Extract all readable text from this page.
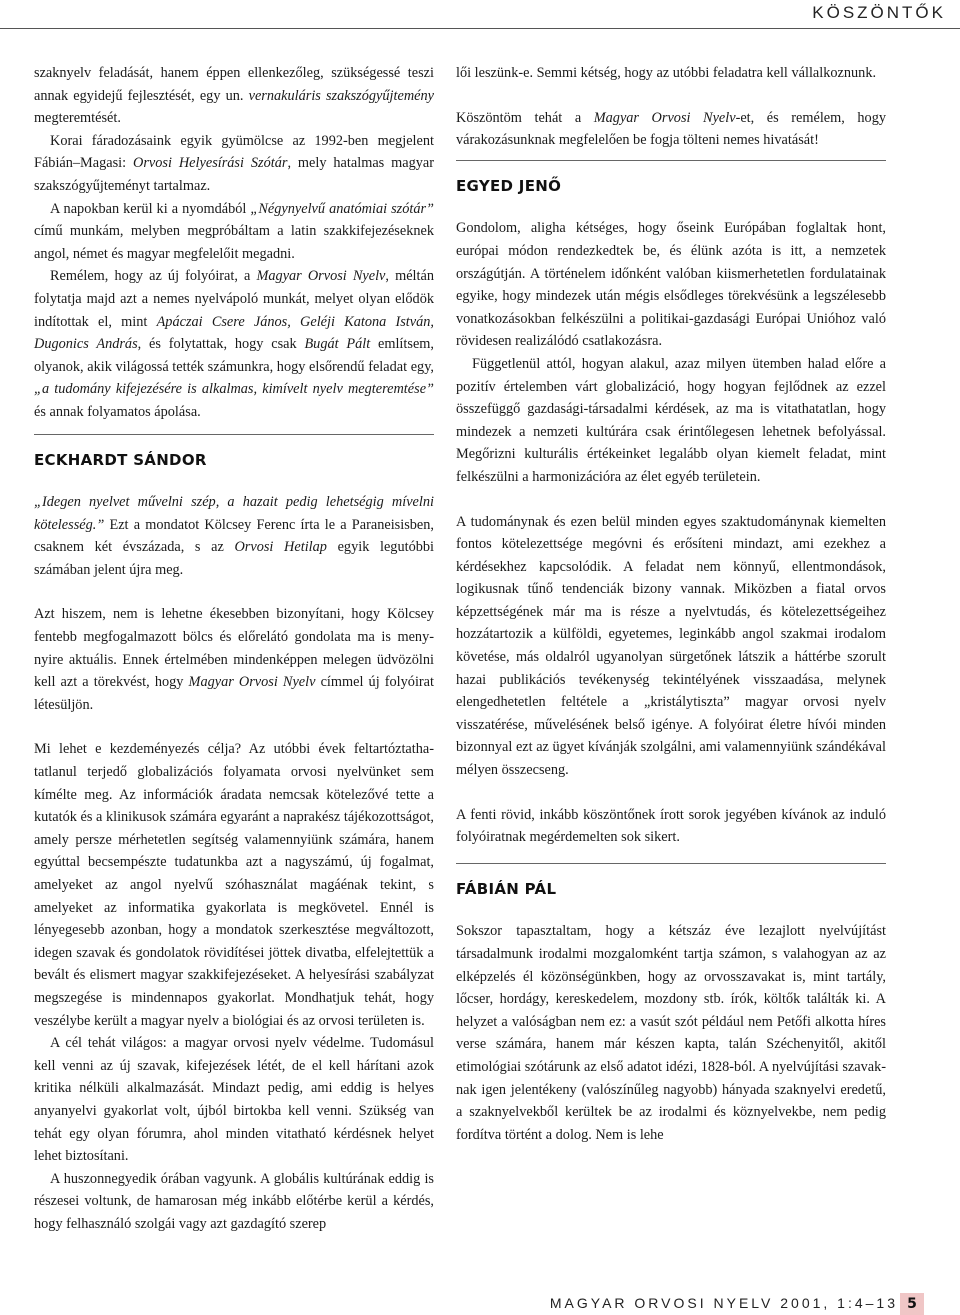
KÖSZÖNTŐK

szaknyelv feladását, hanem éppen ellenkezőleg, szükségessé teszi annak egyidejű fejlesztését, egy un. vernakuláris szakszógyűjtemény megteremtését.

Korai fáradozásaink egyik gyümölcse az 1992-ben megjelent Fábián–Magasi: Orvosi Helyesírási Szótár, mely hatalmas magyar szakszógyűjteményt tartalmaz.

A napokban kerül ki a nyomdából „Négynyelvű anatómiai szótár” című munkám, melyben megpróbáltam a latin szakkifejezéseknek angol, német és magyar megfelelőit megadni.

Remélem, hogy az új folyóirat, a Magyar Orvosi Nyelv, méltán folytatja majd azt a nemes nyelvápoló munkát, melyet olyan elődök indítottak el, mint Apáczai Csere János, Geléji Katona István, Dugonics András, és folytattak, hogy csak Bugát Pált említsem, olyanok, akik világossá tették számunkra, hogy elsőrendű feladat egy, „a tudomány kifejezésére is alkalmas, kimívelt nyelv megteremtése” és annak folyamatos ápolása.

ECKHARDT SÁNDOR

„Idegen nyelvet művelni szép, a hazait pedig lehetségig mívelni kötelesség.” Ezt a mondatot Kölcsey Ferenc írta le a Paraneisisben, csaknem két évszázada, s az Orvosi Hetilap egyik legutóbbi számában jelent újra meg.

Azt hiszem, nem is lehetne ékesebben bizonyítani, hogy Kölcsey fentebb megfogalmazott bölcs és előrelátó gondolata ma is menynyire aktuális. Ennek értelmében mindenképpen melegen üdvözölni kell azt a törekvést, hogy Magyar Orvosi Nyelv címmel új folyóirat létesüljön.

Mi lehet e kezdeményezés célja? Az utóbbi évek feltartóztathatatlanul terjedő globalizációs folyamata orvosi nyelvünket sem kímélte meg. Az információk áradata nemcsak kötelezővé tette a kutatók és a klinikusok számára egyaránt a naprakész tájékozottságot, amely persze mérhetetlen segítség valamennyiünk számára, hanem egyúttal becsempészte tudatunkba azt a nagyszámú, új fogalmat, amelyeket az angol nyelvű szóhasználat magáénak tekint, s amelyeket az informatika gyakorlata is megkövetel. Ennél is lényegesebb azonban, hogy a mondatok szerkesztése megváltozott, idegen szavak és gondolatok rövidítései jöttek divatba, elfelejtettük a bevált és elismert magyar szakkifejezéseket. A helyesírási szabályzat megszegése is mindennapos gyakorlat. Mondhatjuk tehát, hogy veszélybe került a magyar nyelv a biológiai és az orvosi területen is.

A cél tehát világos: a magyar orvosi nyelv védelme. Tudomásul kell venni az új szavak, kifejezések létét, de el kell hárítani azok kritika nélküli alkalmazását. Mindazt pedig, ami eddig is helyes anyanyelvi gyakorlat volt, újból birtokba kell venni. Szükség van tehát egy olyan fórumra, ahol minden vitatható kérdésnek helyet lehet biztosítani.

A huszonnegyedik órában vagyunk. A globális kultúrának eddig is részesei voltunk, de hamarosan még inkább előtérbe kerül a kérdés, hogy felhasználó szolgái vagy azt gazdagító szerep

lői leszünk-e. Semmi kétség, hogy az utóbbi feladatra kell vállalkoznunk.

Köszöntöm tehát a Magyar Orvosi Nyelv-et, és remélem, hogy várakozásunknak megfelelően be fogja tölteni nemes hivatását!

EGYED JENŐ

Gondolom, aligha kétséges, hogy őseink Európában foglaltak hont, európai módon rendezkedtek be, és élünk azóta is itt, a nemzetek országútján. A történelem időnként valóban kiismerhetetlen fordulatainak egyike, hogy mindezek után mégis elsődleges törekvésünk a legszélesebb vonatkozásokban felkészülni a politikai-gazdasági Európai Unióhoz való rövidesen realizálódó csatlakozásra.

Függetlenül attól, hogyan alakul, azaz milyen ütemben halad előre a pozitív értelemben várt globalizáció, hogy hogyan fejlődnek az ezzel összefüggő gazdasági-társadalmi kérdések, az ma is vitathatatlan, hogy mindezek a nemzeti kultúrára csak érintőlegesen lehetnek befolyással. Megőrizni kulturális értékeinket legalább olyan kiemelt feladat, mint felkészülni a harmonizációra az élet egyéb területein.

A tudománynak és ezen belül minden egyes szaktudománynak kiemelten fontos kötelezettsége megóvni és erősíteni mindazt, ami ezekhez a kérdésekhez kapcsolódik. A feladat nem könnyű, ellentmondások, logikusnak tűnő tendenciák bizony vannak. Miközben a fiatal orvos képzettségének már ma is része a nyelvtudás, és kötelezettségeihez hozzátartozik a külföldi, egyetemes, leginkább angol szakmai irodalom követése, más oldalról ugyanolyan sürgetőnek látszik a háttérbe szorult hazai publikációs tevékenység tekintélyének visszaadása, melynek elengedhetetlen feltétele a „kristálytiszta” magyar orvosi nyelv visszatérése, művelésének belső igénye. A folyóirat életre hívói minden bizonnyal ezt az ügyet kívánják szolgálni, ami valamennyiünk szándékával mélyen összecseng.

A fenti rövid, inkább köszöntőnek írott sorok jegyében kívánok az induló folyóiratnak megérdemelten sok sikert.

FÁBIÁN PÁL

Sokszor tapasztaltam, hogy a kétszáz éve lezajlott nyelvújítást társadalmunk irodalmi mozgalomként tartja számon, s valahogyan az az elképzelés él közönségünkben, hogy az orvosszavakat is, mint tartály, lőcser, hordágy, kereskedelem, mozdony stb. írók, költők találták ki. A helyzet a valóságban nem ez: a vasút szót például nem Petőfi alkotta híres verse számára, hanem már készen kapta, talán Széchenyitől, akitől etimológiai szótárunk az első adatot idézi, 1828-ból. A nyelvújítási szavaknak igen jelentékeny (valószínűleg nagyobb) hányada szaknyelvi eredetű, a szaknyelvekből kerültek be az irodalmi és köznyelvekbe, nem pedig fordítva történt a dolog. Nem is lehe

MAGYAR ORVOSI NYELV 2001, 1:4–13 5
